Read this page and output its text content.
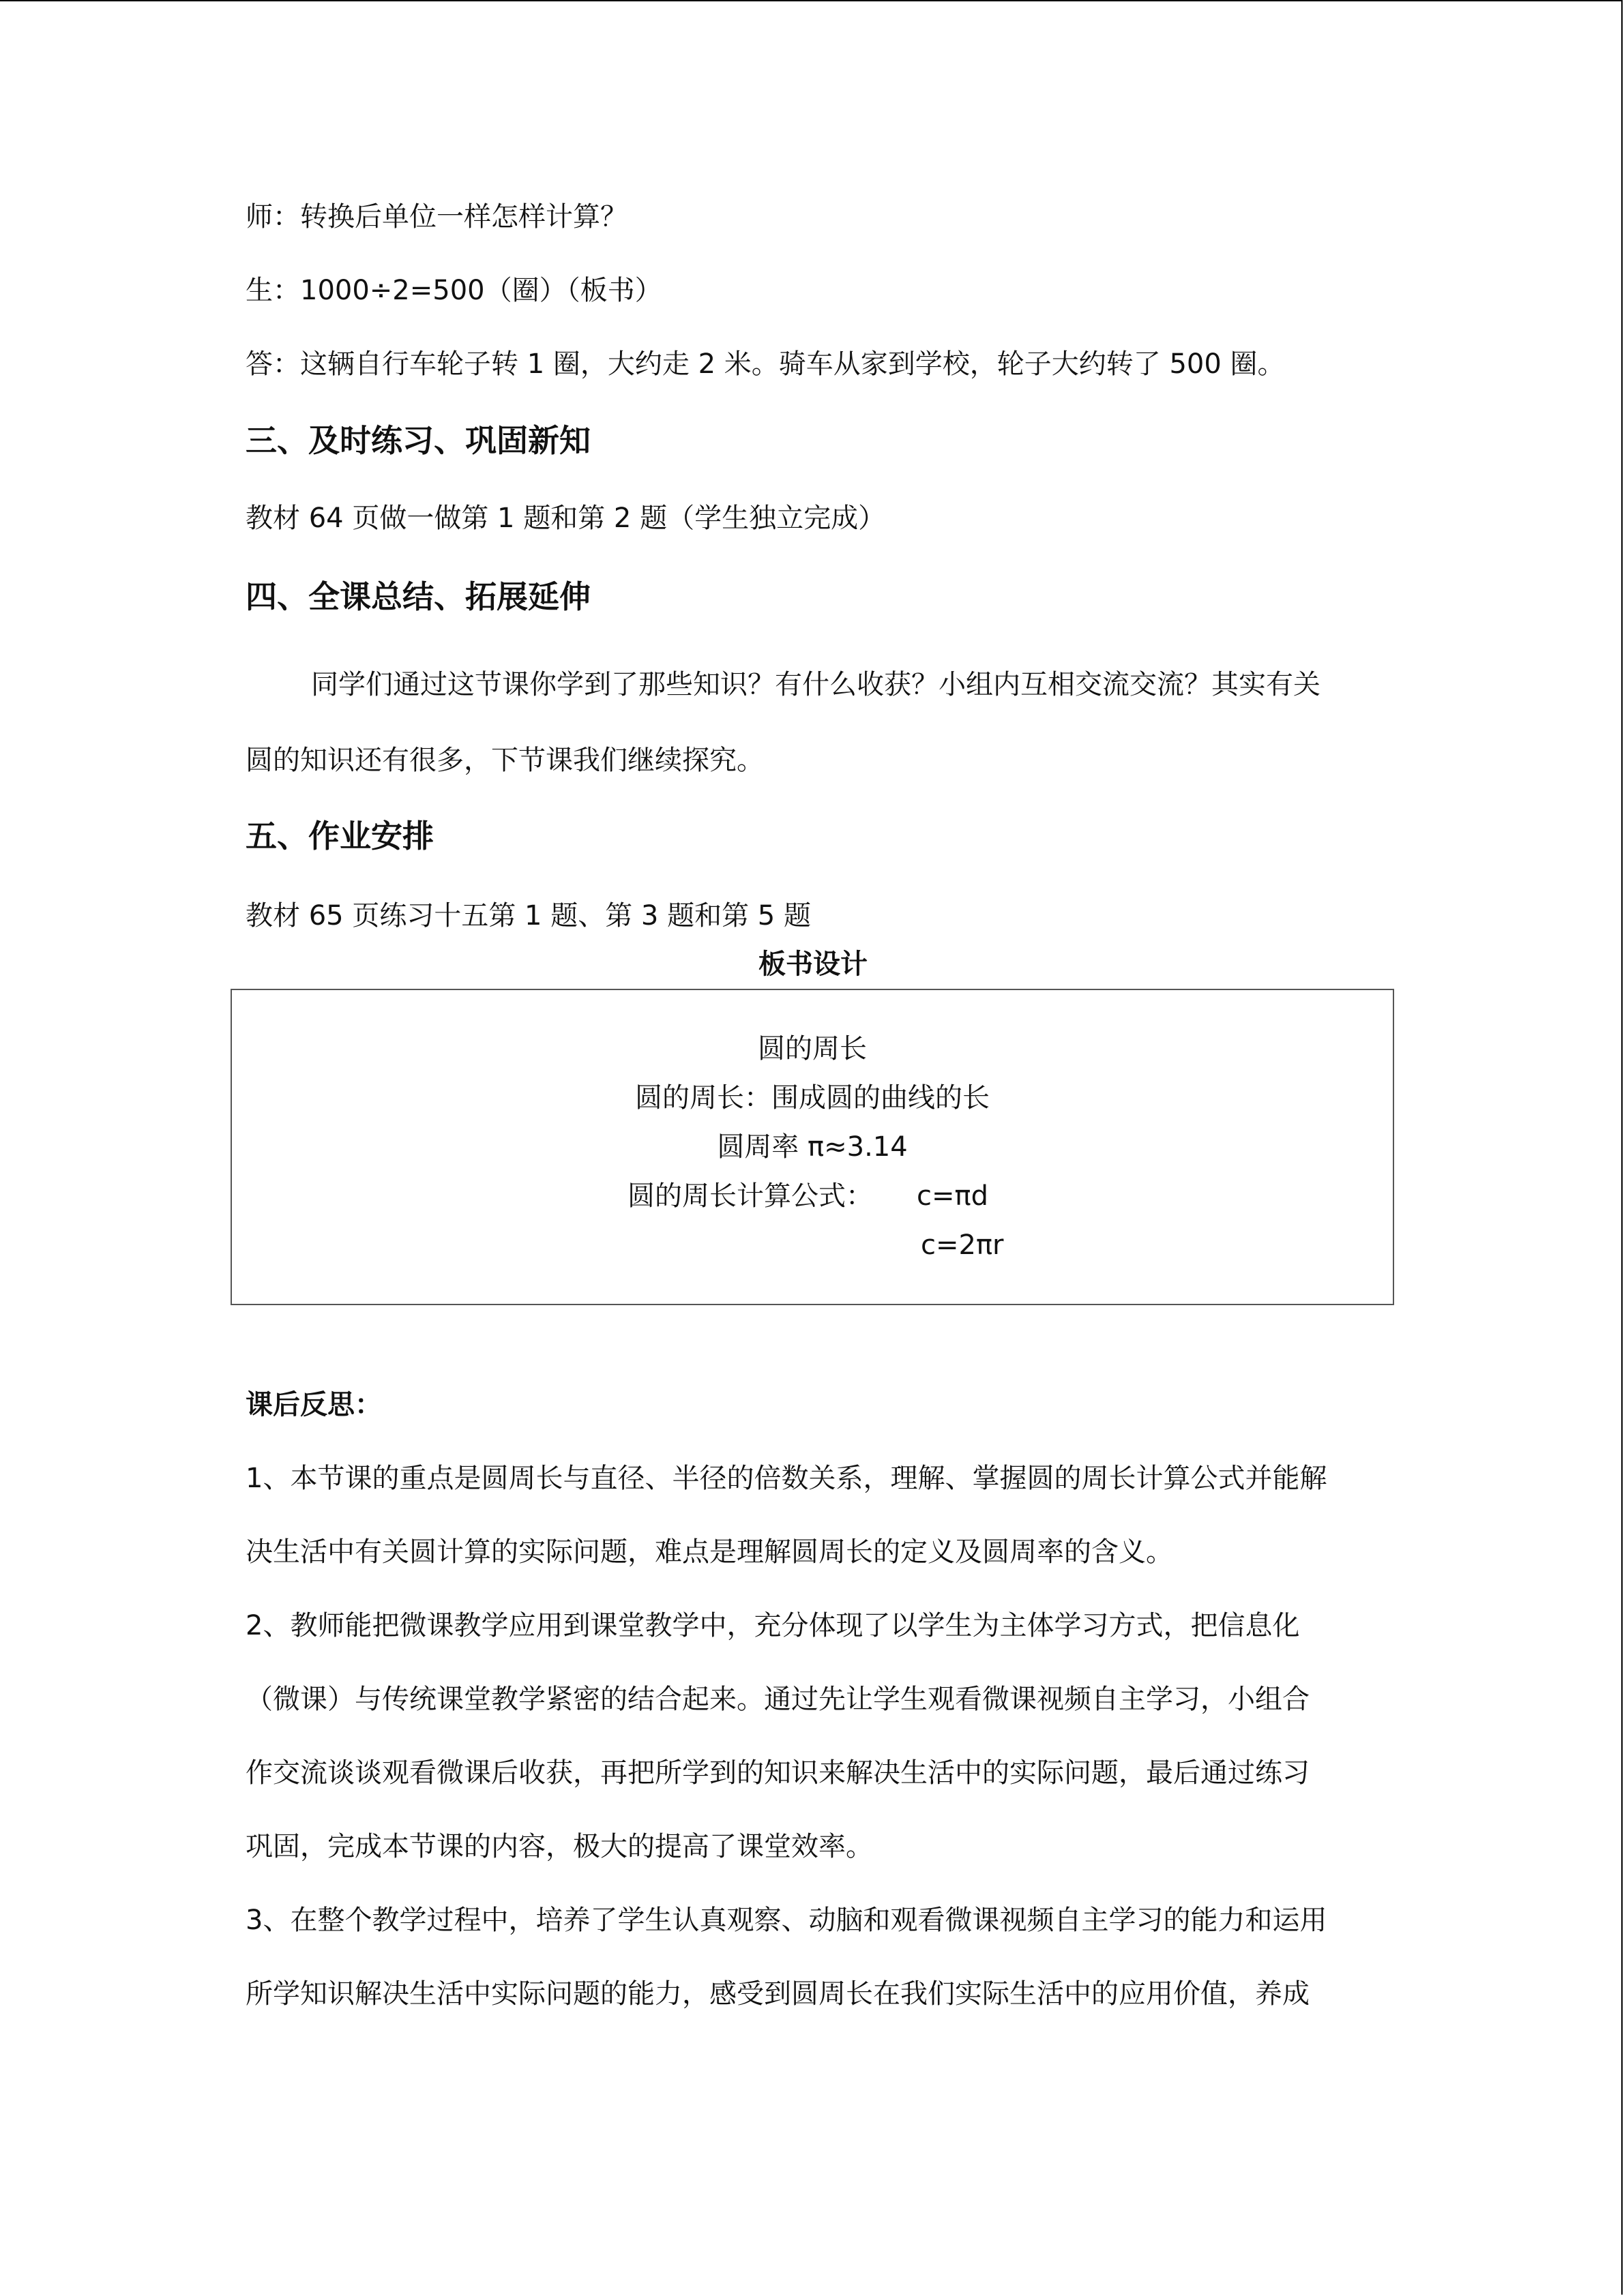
师：转换后单位一样怎样计算？
生：1000÷2=500（圈）（板书）
答：这辆自行车轮子转 1 圈，大约走 2 米。骑车从家到学校，轮子大约转了 500 圈。
三、及时练习、巩固新知
教材 64 页做一做第 1 题和第 2 题（学生独立完成）
四、全课总结、拓展延伸
同学们通过这节课你学到了那些知识？有什么收获？小组内互相交流交流？其实有关
圆的知识还有很多，下节课我们继续探究。
五、作业安排
教材 65 页练习十五第 1 题、第 3 题和第 5 题
板书设计
圆的周长
圆的周长：围成圆的曲线的长
圆周率 π≈3.14
圆的周长计算公式： c=πd
c=2πr
课后反思：
1、本节课的重点是圆周长与直径、半径的倍数关系，理解、掌握圆的周长计算公式并能解
决生活中有关圆计算的实际问题，难点是理解圆周长的定义及圆周率的含义。
2、教师能把微课教学应用到课堂教学中，充分体现了以学生为主体学习方式，把信息化
（微课）与传统课堂教学紧密的结合起来。通过先让学生观看微课视频自主学习，小组合
作交流谈谈观看微课后收获，再把所学到的知识来解决生活中的实际问题，最后通过练习
巩固，完成本节课的内容，极大的提高了课堂效率。
3、在整个教学过程中，培养了学生认真观察、动脑和观看微课视频自主学习的能力和运用
所学知识解决生活中实际问题的能力，感受到圆周长在我们实际生活中的应用价值，养成
